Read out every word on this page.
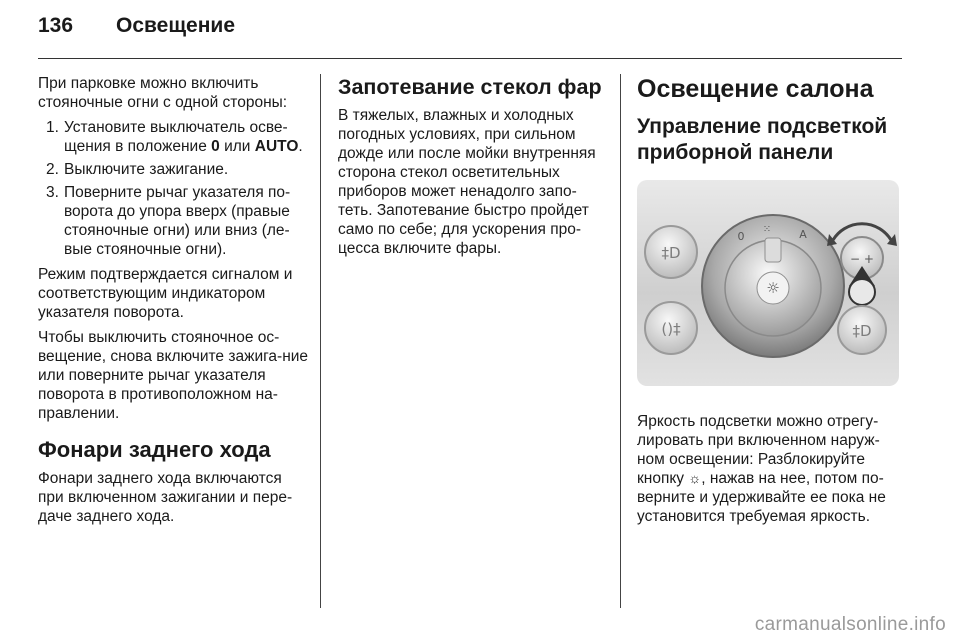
136 Освещение

При парковке можно включить стояночные огни с одной стороны:

1. Установите выключатель осве-щения в положение 0 или AUTO.
2. Выключите зажигание.
3. Поверните рычаг указателя по-ворота до упора вверх (правые стояночные огни) или вниз (ле-вые стояночные огни).

Режим подтверждается сигналом и соответствующим индикатором указателя поворота.

Чтобы выключить стояночное ос-вещение, снова включите зажига-ние или поверните рычаг указателя поворота в противоположном на-правлении.

Фонари заднего хода

Фонари заднего хода включаются при включенном зажигании и пере-даче заднего хода.

Запотевание стекол фар

В тяжелых, влажных и холодных погодных условиях, при сильном дожде или после мойки внутренняя сторона стекол осветительных приборов может ненадолго запо-теть. Запотевание быстро пройдет само по себе; для ускорения про-цесса включите фары.

Освещение салона
Управление подсветкой приборной панели
‡D
()‡
0
⁙	A
☼
− +
‡D

Яркость подсветки можно отрегу-лировать при включенном наруж-ном освещении: Разблокируйте кнопку ☼, нажав на нее, потом по-верните и удерживайте ее пока не установится требуемая яркость.

carmanualsonline.info
